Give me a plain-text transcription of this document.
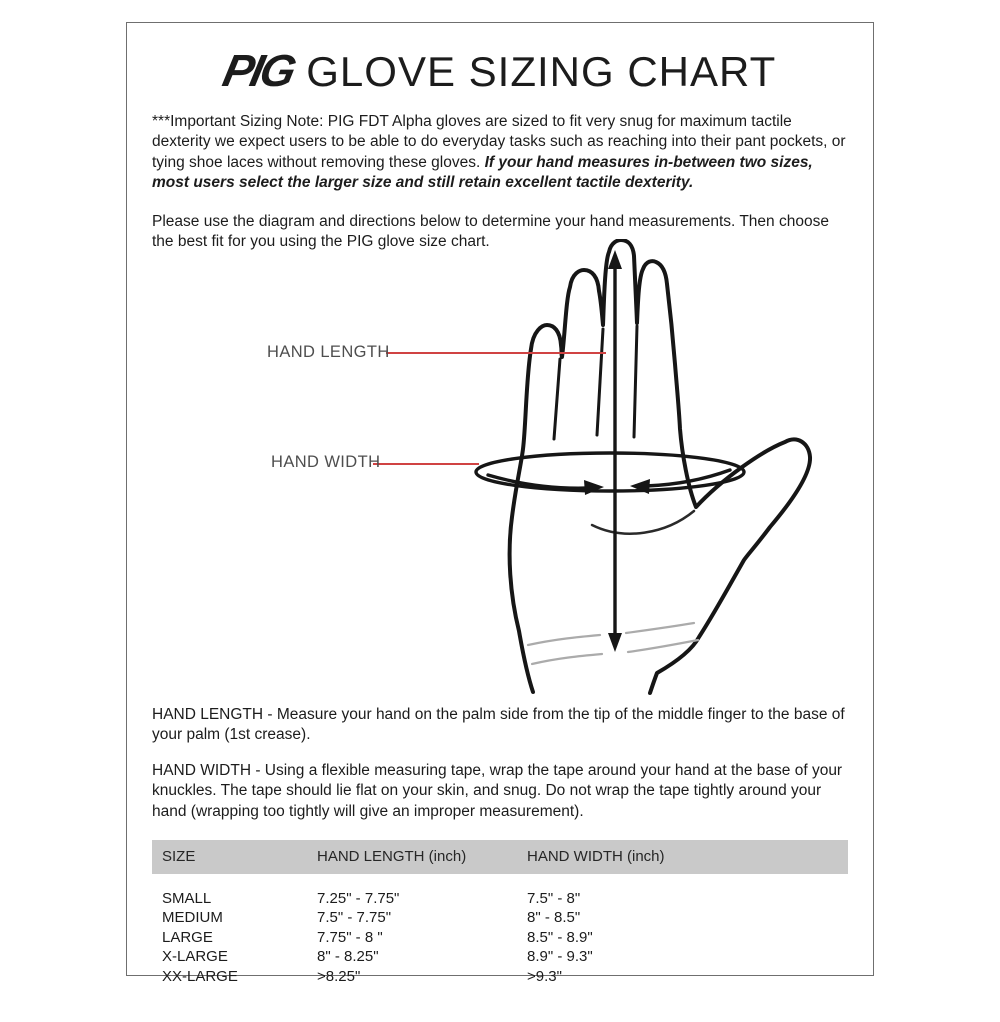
PIG GLOVE SIZING CHART

***Important Sizing Note: PIG FDT Alpha gloves are sized to fit very snug for maximum tactile dexterity we expect users to be able to do everyday tasks such as reaching into their pant pockets, or tying shoe laces without removing these gloves. If your hand measures in-between two sizes, most users select the larger size and still retain excellent tactile dexterity.

Please use the diagram and directions below to determine your hand measurements. Then choose the best fit for you using the PIG glove size chart.

HAND LENGTH
HAND WIDTH

HAND LENGTH - Measure your hand on the palm side from the tip of the middle finger to the base of your palm (1st crease).

HAND WIDTH - Using a flexible measuring tape, wrap the tape around your hand at the base of your knuckles. The tape should lie flat on your skin, and snug. Do not wrap the tape tightly around your hand (wrapping too tightly will give an improper measurement).

SIZE	HAND LENGTH (inch)	HAND WIDTH (inch)
SMALL	7.25" - 7.75"	7.5" - 8"
MEDIUM	7.5" - 7.75"	8" - 8.5"
LARGE	7.75" - 8 "	8.5" - 8.9"
X-LARGE	8" - 8.25"	8.9" - 9.3"
XX-LARGE	>8.25"	>9.3"
